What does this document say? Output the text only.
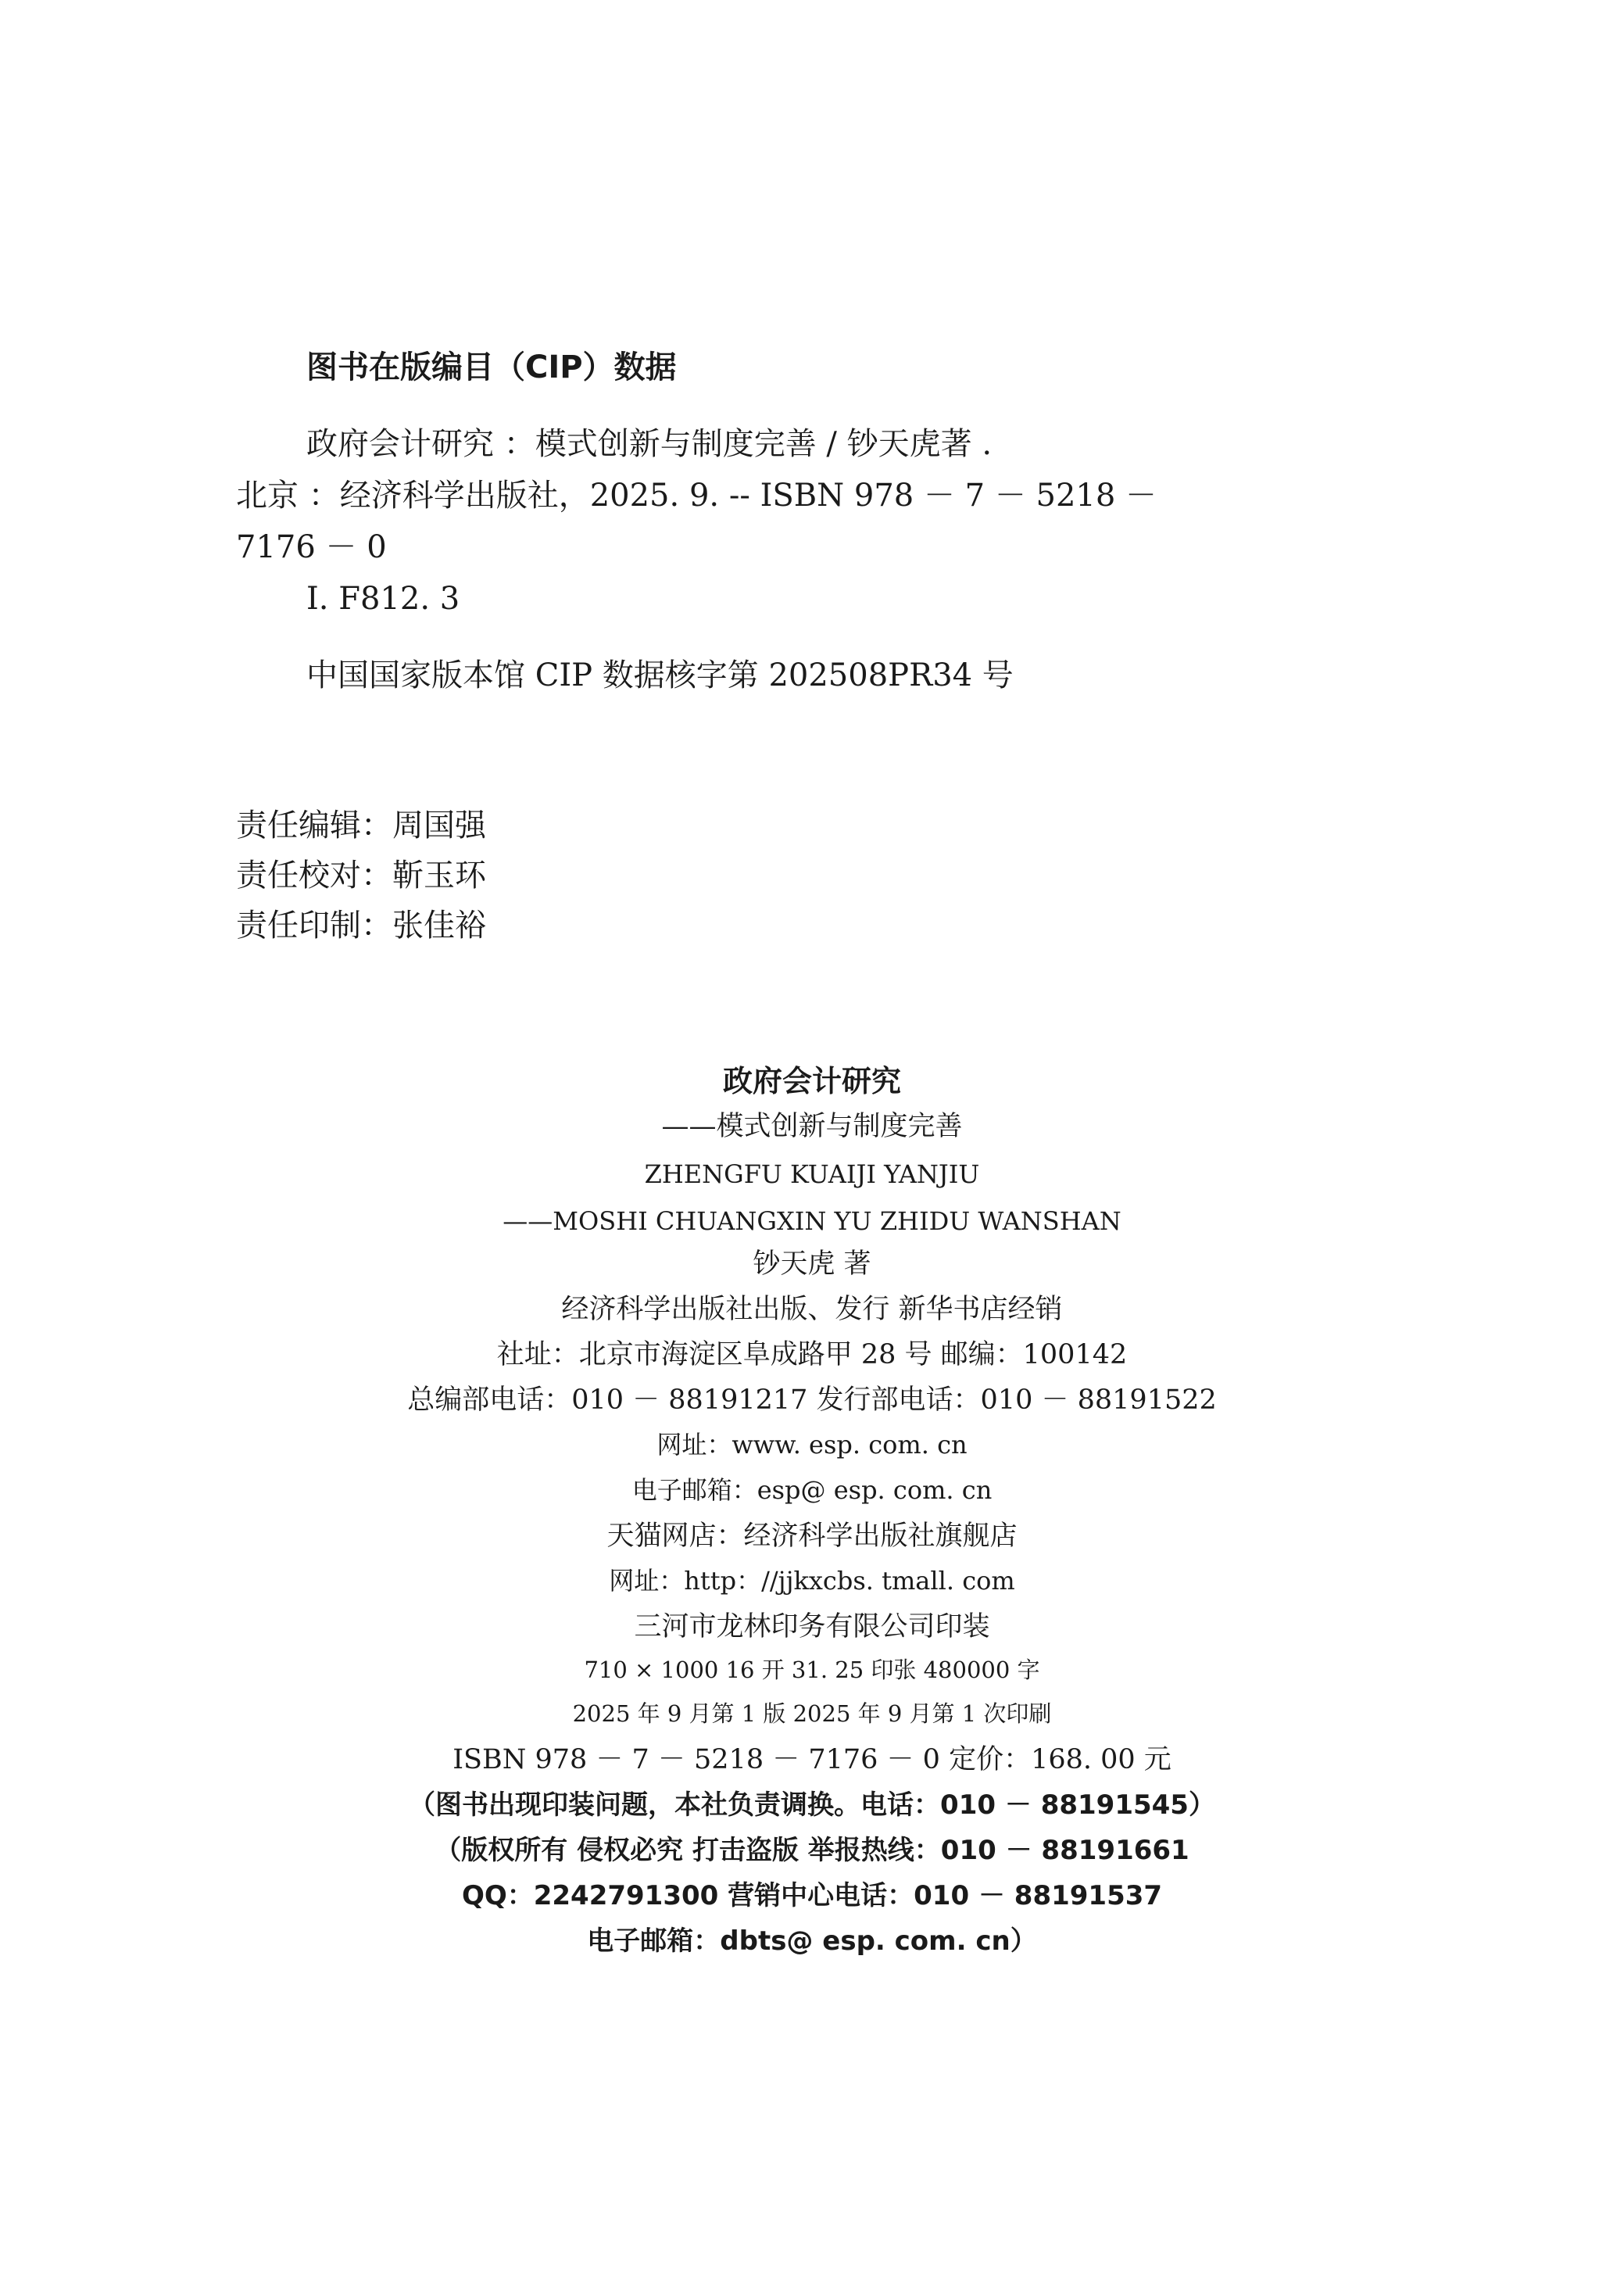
图书在版编目（CIP）数据
政府会计研究 ：模式创新与制度完善 / 钞天虎著 .
北京 ：经济科学出版社，2025. 9. -- ISBN 978 － 7 － 5218 －
7176 － 0
Ⅰ. F812. 3
中国国家版本馆 CIP 数据核字第 202508PR34 号
责任编辑：周国强
责任校对：靳玉环
责任印制：张佳裕
政府会计研究
——模式创新与制度完善
ZHENGFU KUAIJI YANJIU
——MOSHI CHUANGXIN YU ZHIDU WANSHAN
钞天虎 著
经济科学出版社出版、发行 新华书店经销
社址：北京市海淀区阜成路甲 28 号 邮编：100142
总编部电话：010 － 88191217 发行部电话：010 － 88191522
网址：www. esp. com. cn
电子邮箱：esp@ esp. com. cn
天猫网店：经济科学出版社旗舰店
网址：http：//jjkxcbs. tmall. com
三河市龙林印务有限公司印装
710 × 1000 16 开 31. 25 印张 480000 字
2025 年 9 月第 1 版 2025 年 9 月第 1 次印刷
ISBN 978 － 7 － 5218 － 7176 － 0 定价：168. 00 元
（图书出现印装问题，本社负责调换。电话：010 － 88191545）
（版权所有 侵权必究 打击盗版 举报热线：010 － 88191661
QQ：2242791300 营销中心电话：010 － 88191537
电子邮箱：dbts@ esp. com. cn）
